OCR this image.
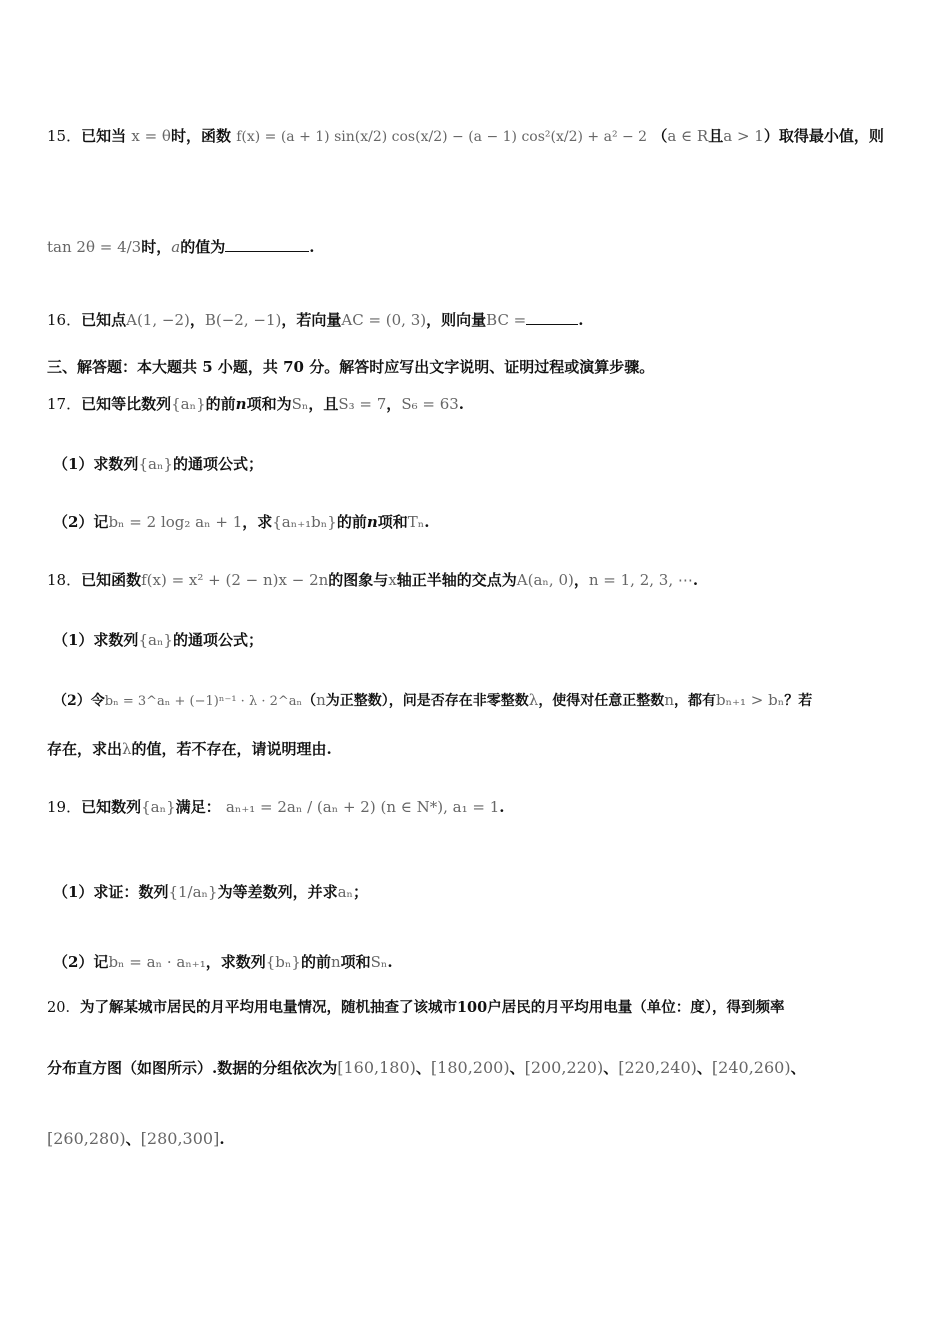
15．已知当 x = θ时，函数 f(x) = (a + 1) sin(x/2) cos(x/2) − (a − 1) cos²(x/2) + a² − 2 （a ∈ R且a > 1）取得最小值，则
tan 2θ = 4/3时，a的值为	.
16．已知点A(1, −2)，B(−2, −1)，若向量AC = (0, 3)，则向量BC =	.
三、解答题：本大题共 5 小题，共 70 分。解答时应写出文字说明、证明过程或演算步骤。
17．已知等比数列{aₙ}的前n项和为Sₙ，且S₃ = 7，S₆ = 63.
（1）求数列{aₙ}的通项公式；
（2）记bₙ = 2 log₂ aₙ + 1，求{aₙ₊₁bₙ}的前n项和Tₙ.
18．已知函数f(x) = x² + (2 − n)x − 2n的图象与x轴正半轴的交点为A(aₙ, 0)，n = 1, 2, 3, ⋯.
（1）求数列{aₙ}的通项公式；
（2）令bₙ = 3^aₙ + (−1)ⁿ⁻¹ · λ · 2^aₙ（n为正整数），问是否存在非零整数λ，使得对任意正整数n，都有bₙ₊₁ > bₙ？若
存在，求出λ的值，若不存在，请说明理由.
19．已知数列{aₙ}满足： aₙ₊₁ = 2aₙ / (aₙ + 2) (n ∈ N*), a₁ = 1.
（1）求证：数列{1/aₙ}为等差数列，并求aₙ；
（2）记bₙ = aₙ · aₙ₊₁，求数列{bₙ}的前n项和Sₙ.
20．为了解某城市居民的月平均用电量情况，随机抽查了该城市100户居民的月平均用电量（单位：度），得到频率
分布直方图（如图所示）.数据的分组依次为[160,180)、[180,200)、[200,220)、[220,240)、[240,260)、
[260,280)、[280,300].
